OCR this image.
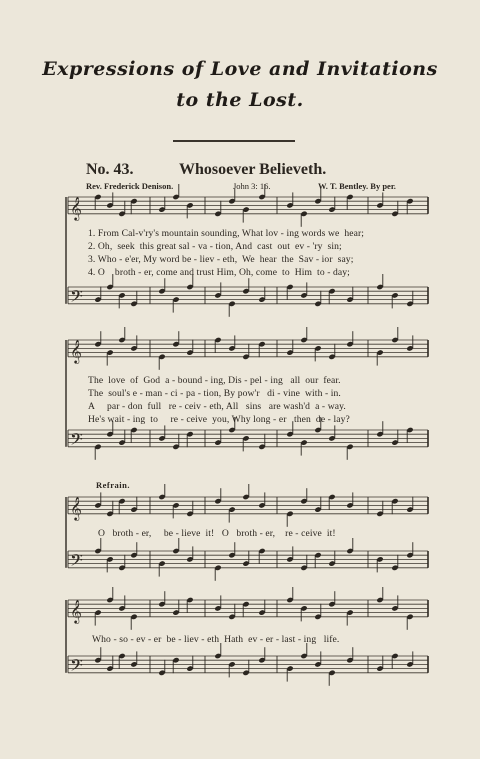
Expressions of Love and Invitations
to the Lost.
No. 43.	Whosoever Believeth.
Rev. Frederick Denison.	John 3: 16.	W. T. Bentley. By per.
𝄞
𝄢
𝄞
𝄢
𝄞
𝄢
𝄞
𝄢
1. From Cal-v'ry's mountain sounding, What lov - ing words we  hear;
2. Oh,  seek  this great sal - va - tion, And  cast  out  ev - 'ry  sin;
3. Who - e'er, My word be - liev - eth,  We  hear  the  Sav - ior  say;
4. O    broth - er, come and trust Him, Oh, come  to  Him  to - day;
The  love  of  God  a - bound - ing, Dis - pel - ing   all  our  fear.
The  soul's e - man - ci - pa - tion, By pow'r   di - vine  with - in.
A     par - don  full   re - ceiv - eth, All   sins   are wash'd  a - way.
He's wait - ing  to     re - ceive  you, Why long - er   then  de - lay?
Refrain.
O   broth - er,     be - lieve  it!   O   broth - er,    re - ceive  it!
Who - so - ev - er  be - liev - eth  Hath  ev - er - last - ing   life.
